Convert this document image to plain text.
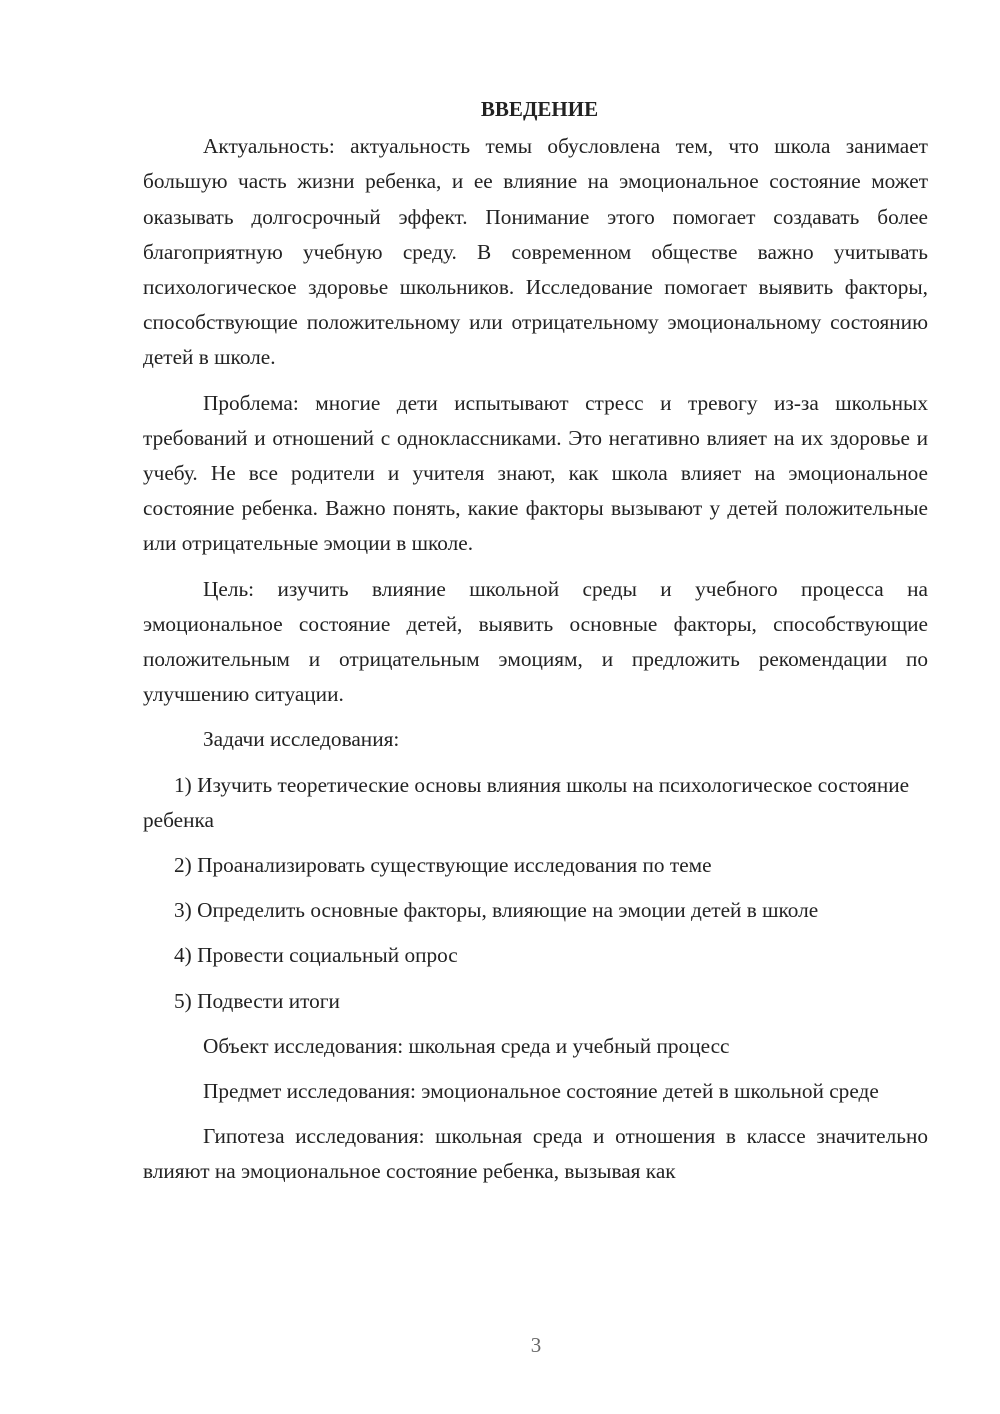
ВВЕДЕНИЕ

Актуальность: актуальность темы обусловлена тем, что школа занимает большую часть жизни ребенка, и ее влияние на эмоциональное состояние может оказывать долгосрочный эффект. Понимание этого помогает создавать более благоприятную учебную среду. В современном обществе важно учитывать психологическое здоровье школьников. Исследование помогает выявить факторы, способствующие положительному или отрицательному эмоциональному состоянию детей в школе.

Проблема: многие дети испытывают стресс и тревогу из-за школьных требований и отношений с одноклассниками. Это негативно влияет на их здоровье и учебу. Не все родители и учителя знают, как школа влияет на эмоциональное состояние ребенка. Важно понять, какие факторы вызывают у детей положительные или отрицательные эмоции в школе.

Цель: изучить влияние школьной среды и учебного процесса на эмоциональное состояние детей, выявить основные факторы, способствующие положительным и отрицательным эмоциям, и предложить рекомендации по улучшению ситуации.

Задачи исследования:

1) Изучить теоретические основы влияния школы на психологическое состояние ребенка

2) Проанализировать существующие исследования по теме

3) Определить основные факторы, влияющие на эмоции детей в школе

4) Провести социальный опрос

5) Подвести итоги

Объект исследования: школьная среда и учебный процесс

Предмет исследования: эмоциональное состояние детей в школьной среде

Гипотеза исследования: школьная среда и отношения в классе значительно влияют на эмоциональное состояние ребенка, вызывая как

3
